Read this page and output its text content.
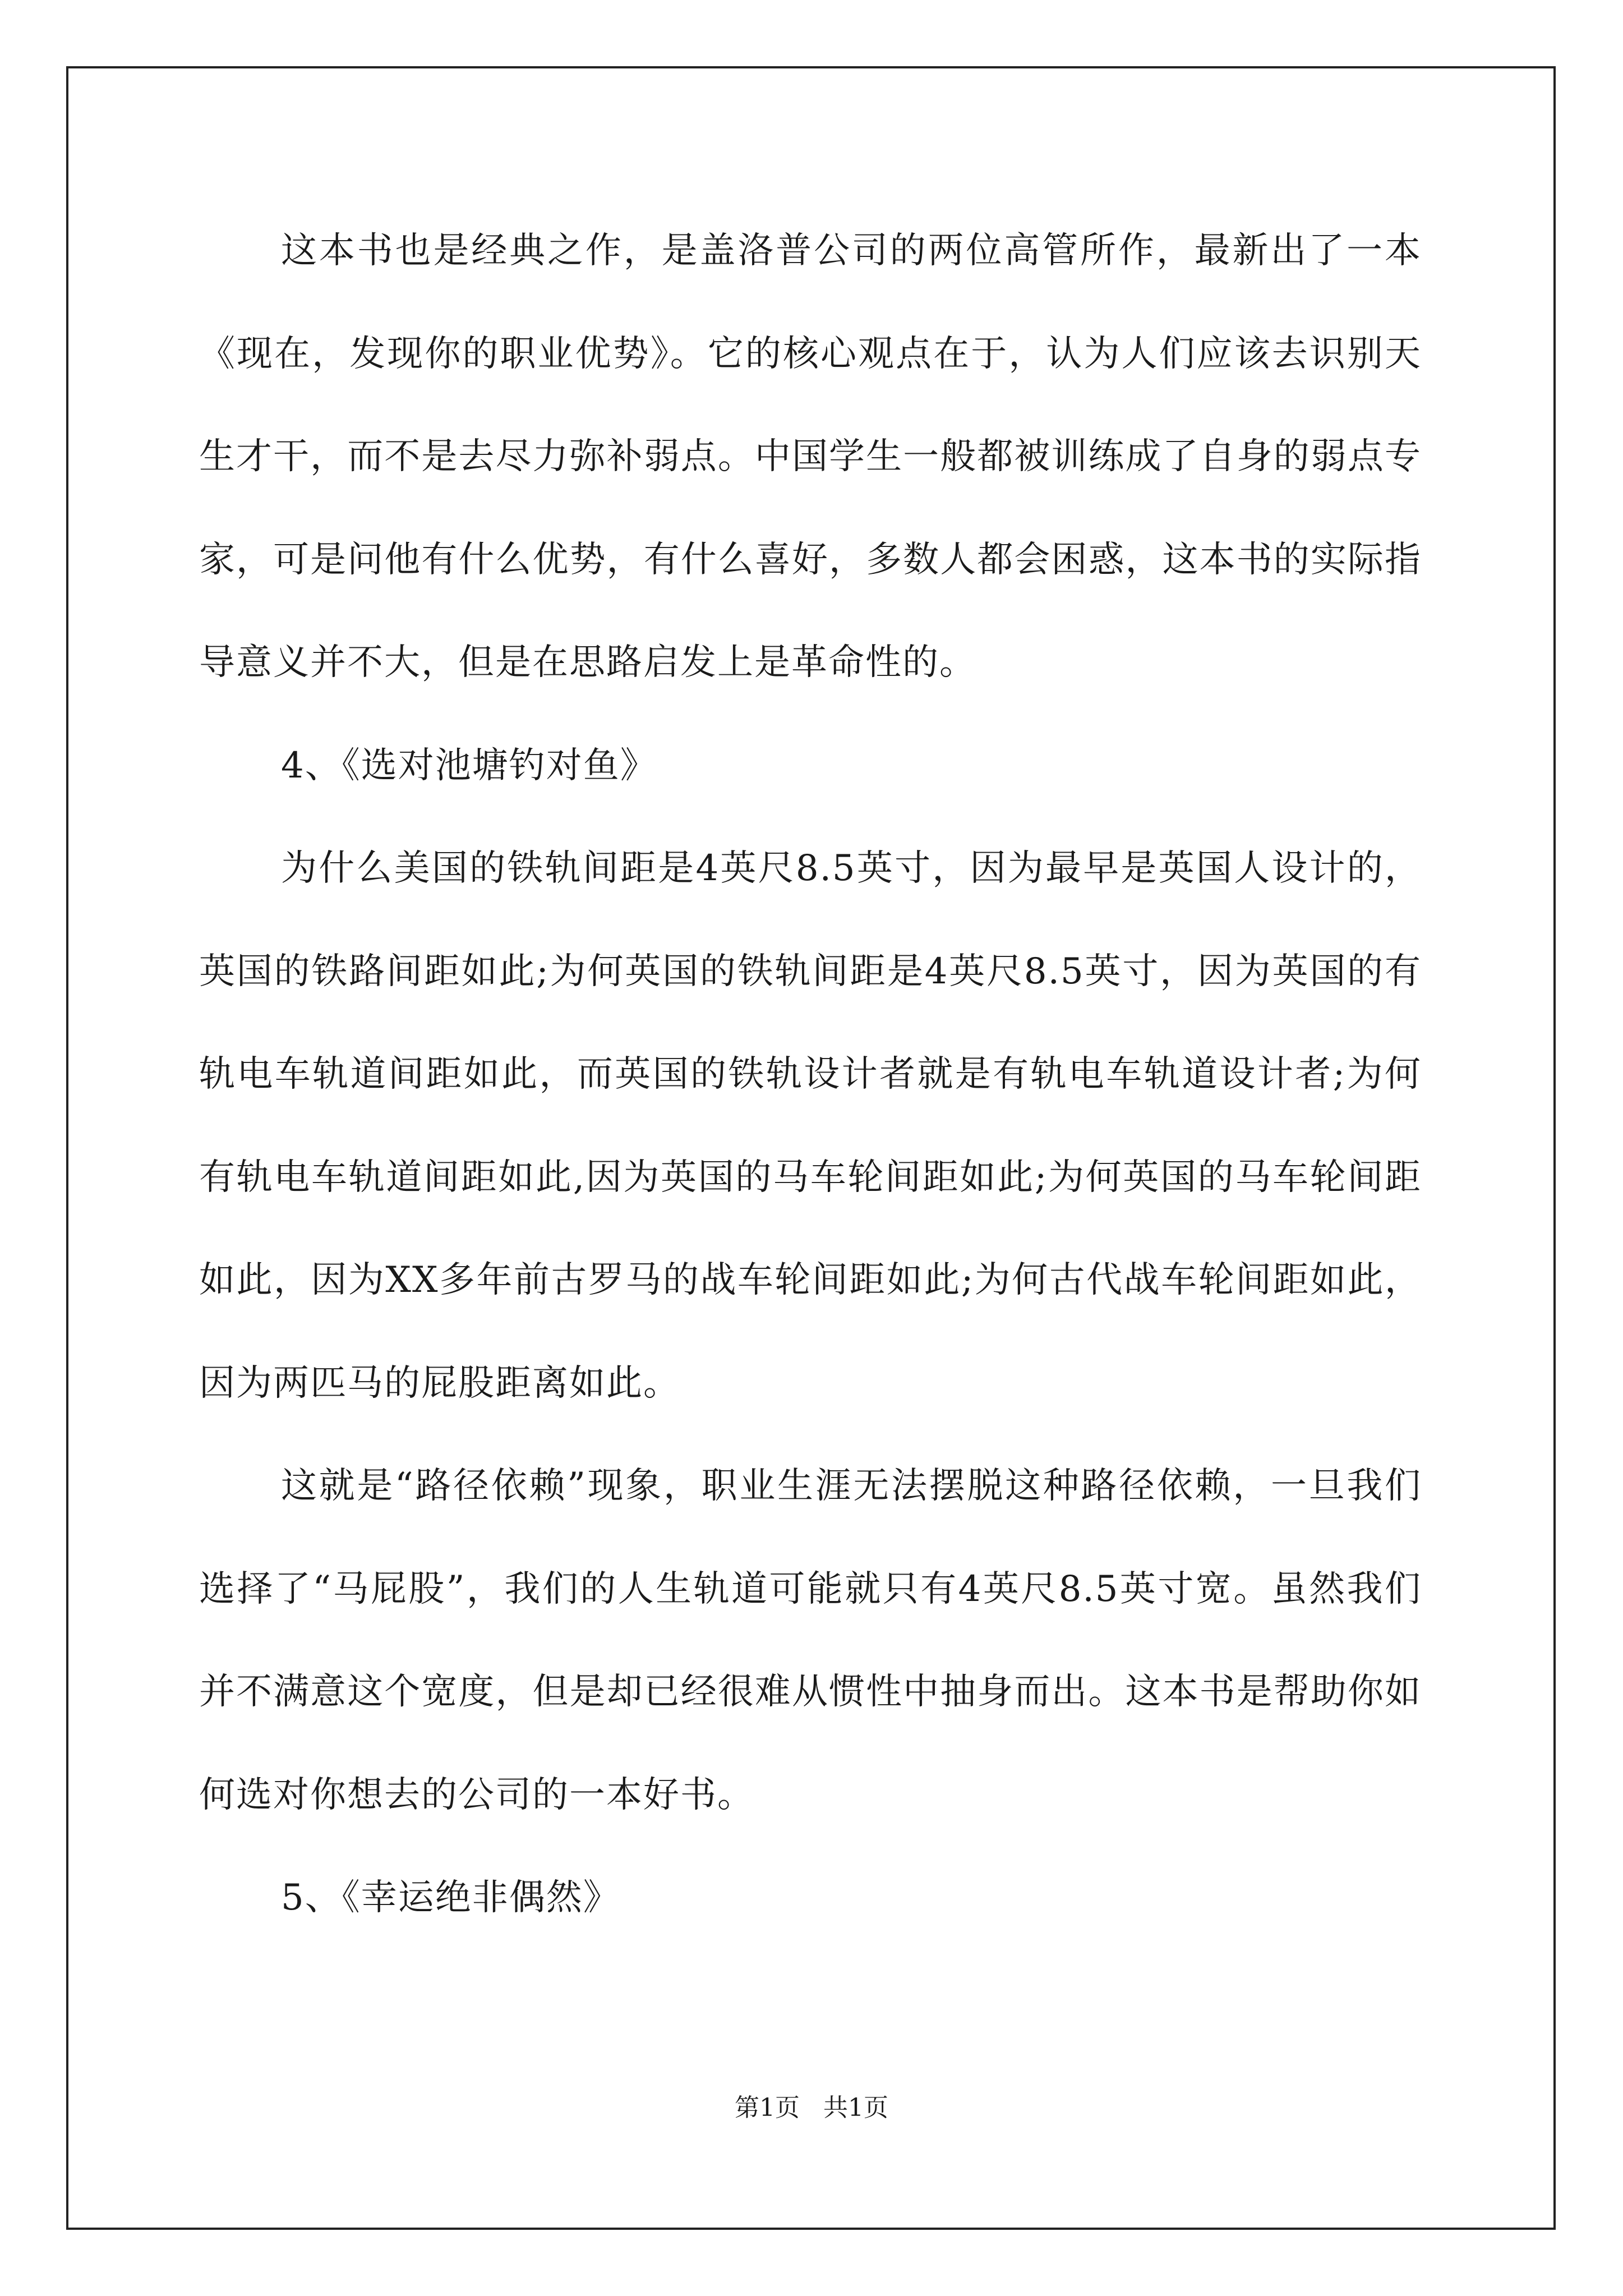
这本书也是经典之作，是盖洛普公司的两位高管所作，最新出了一本《现在，发现你的职业优势》。它的核心观点在于，认为人们应该去识别天生才干，而不是去尽力弥补弱点。中国学生一般都被训练成了自身的弱点专家，可是问他有什么优势，有什么喜好，多数人都会困惑，这本书的实际指导意义并不大，但是在思路启发上是革命性的。

4、《选对池塘钓对鱼》

为什么美国的铁轨间距是4英尺8.5英寸，因为最早是英国人设计的，英国的铁路间距如此;为何英国的铁轨间距是4英尺8.5英寸，因为英国的有轨电车轨道间距如此，而英国的铁轨设计者就是有轨电车轨道设计者;为何有轨电车轨道间距如此,因为英国的马车轮间距如此;为何英国的马车轮间距如此，因为XX多年前古罗马的战车轮间距如此;为何古代战车轮间距如此，因为两匹马的屁股距离如此。

这就是“路径依赖”现象，职业生涯无法摆脱这种路径依赖，一旦我们选择了“马屁股”，我们的人生轨道可能就只有4英尺8.5英寸宽。虽然我们并不满意这个宽度，但是却已经很难从惯性中抽身而出。这本书是帮助你如何选对你想去的公司的一本好书。

5、《幸运绝非偶然》

第1页 共1页
